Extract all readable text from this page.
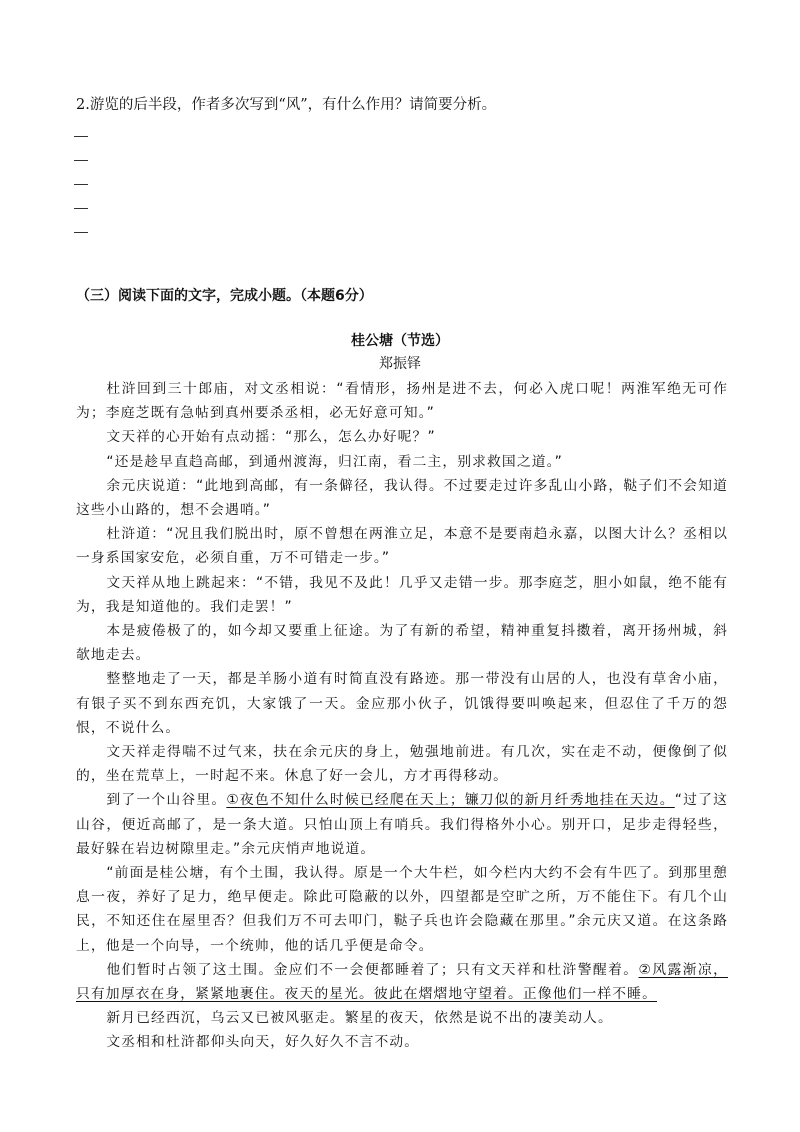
2.游览的后半段，作者多次写到“风”，有什么作用？请简要分析。
（三）阅读下面的文字，完成小题。（本题6分）
桂公塘（节选）
郑振铎

杜浒回到三十郎庙，对文丞相说：“看情形，扬州是进不去，何必入虎口呢！两淮军绝无可作为；李庭芝既有急帖到真州要杀丞相，必无好意可知。”

文天祥的心开始有点动摇：“那么，怎么办好呢？”

“还是趁早直趋高邮，到通州渡海，归江南，看二主，别求救国之道。”

余元庆说道：“此地到高邮，有一条僻径，我认得。不过要走过许多乱山小路，鞑子们不会知道这些小山路的，想不会遇哨。”

杜浒道：“况且我们脱出时，原不曾想在两淮立足，本意不是要南趋永嘉，以图大计么？丞相以一身系国家安危，必须自重，万不可错走一步。”

文天祥从地上跳起来：“不错，我见不及此！几乎又走错一步。那李庭芝，胆小如鼠，绝不能有为，我是知道他的。我们走罢！”

本是疲倦极了的，如今却又要重上征途。为了有新的希望，精神重复抖擞着，离开扬州城，斜欹地走去。

整整地走了一天，都是羊肠小道有时简直没有路迹。那一带没有山居的人，也没有草舍小庙，有银子买不到东西充饥，大家饿了一天。金应那小伙子，饥饿得要叫唤起来，但忍住了千万的怨恨，不说什么。

文天祥走得喘不过气来，扶在余元庆的身上，勉强地前进。有几次，实在走不动，便像倒了似的，坐在荒草上，一时起不来。休息了好一会儿，方才再得移动。

到了一个山谷里。①夜色不知什么时候已经爬在天上；镰刀似的新月纤秀地挂在天边。“过了这山谷，便近高邮了，是一条大道。只怕山顶上有哨兵。我们得格外小心。别开口，足步走得轻些，最好躲在岩边树隙里走。”余元庆悄声地说道。

“前面是桂公塘，有个土围，我认得。原是一个大牛栏，如今栏内大约不会有牛匹了。到那里憩息一夜，养好了足力，绝早便走。除此可隐蔽的以外，四望都是空旷之所，万不能住下。有几个山民，不知还住在屋里否？但我们万不可去叩门，鞑子兵也许会隐藏在那里。”余元庆又道。在这条路上，他是一个向导，一个统帅，他的话几乎便是命令。

他们暂时占领了这土围。金应们不一会便都睡着了；只有文天祥和杜浒警醒着。②风露渐凉，只有加厚衣在身，紧紧地裹住。夜天的星光。彼此在熠熠地守望着。正像他们一样不睡。

新月已经西沉，乌云又已被风驱走。繁星的夜天，依然是说不出的凄美动人。

文丞相和杜浒都仰头向天，好久好久不言不动。
